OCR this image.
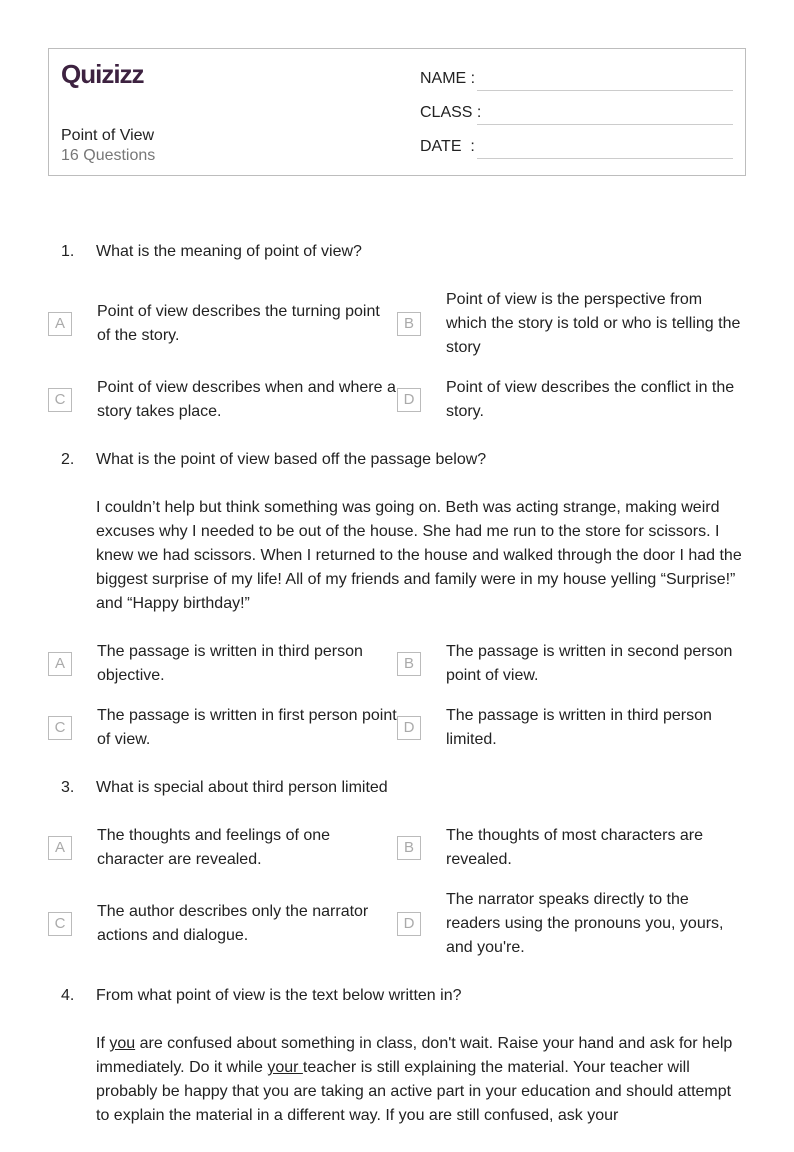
Quizizz
Point of View
16 Questions
NAME :
CLASS :
DATE  :
1.	What is the meaning of point of view?
A
Point of view describes the turning point of the story.
B
Point of view is the perspective from which the story is told or who is telling the story
C
Point of view describes when and where a story takes place.
D
Point of view describes the conflict in the story.
2.	What is the point of view based off the passage below?
I couldn’t help but think something was going on. Beth was acting strange, making weird excuses why I needed to be out of the house. She had me run to the store for scissors. I knew we had scissors. When I returned to the house and walked through the door I had the biggest surprise of my life! All of my friends and family were in my house yelling “Surprise!” and “Happy birthday!”
A
The passage is written in third person objective.
B
The passage is written in second person point of view.
C
The passage is written in first person point of view.
D
The passage is written in third person limited.
3.	What is special about third person limited
A
The thoughts and feelings of one character are revealed.
B
The thoughts of most characters are revealed.
C
The author describes only the narrator actions and dialogue.
D
The narrator speaks directly to the readers using the pronouns you, yours, and you're.
4.	From what point of view is the text below written in?
If you are confused about something in class, don't wait. Raise your hand and ask for help immediately. Do it while your teacher is still explaining the material. Your teacher will probably be happy that you are taking an active part in your education and should attempt to explain the material in a different way. If you are still confused, ask your
